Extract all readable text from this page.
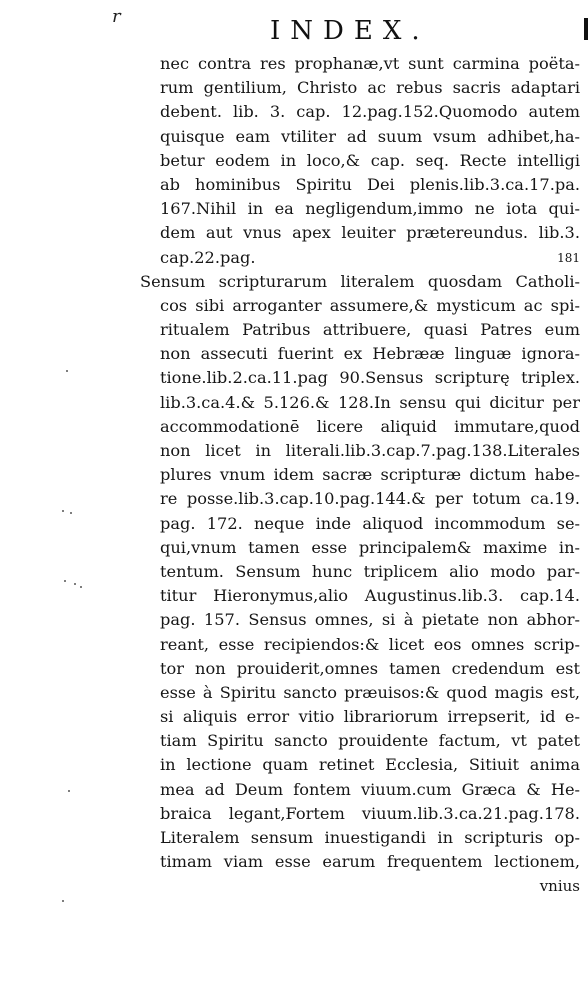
r	INDEX.
nec contra res prophanæ,vt sunt carmina poëta-
rum gentilium, Christo ac rebus sacris adaptari
debent. lib. 3. cap. 12.pag.152.Quomodo autem
quisque eam vtiliter ad suum vsum adhibet,ha-
betur eodem in loco,& cap. seq. Recte intelligi
ab hominibus Spiritu Dei plenis.lib.3.ca.17.pa.
167.Nihil in ea negligendum,immo ne iota qui-
dem aut vnus apex leuiter prætereundus. lib.3.
cap.22.pag.	181
Sensum scripturarum literalem quosdam Catholi-
cos sibi arroganter assumere,& mysticum ac spi-
ritualem Patribus attribuere, quasi Patres eum
non assecuti fuerint ex Hebrææ linguæ ignora-
tione.lib.2.ca.11.pag 90.Sensus scripturę triplex.
lib.3.ca.4.& 5.126.& 128.In sensu qui dicitur per
accommodationē licere aliquid immutare,quod
non licet in literali.lib.3.cap.7.pag.138.Literales
plures vnum idem sacræ scripturæ dictum habe-
re posse.lib.3.cap.10.pag.144.& per totum ca.19.
pag. 172. neque inde aliquod incommodum se-
qui,vnum tamen esse principalem& maxime in-
tentum. Sensum hunc triplicem alio modo par-
titur Hieronymus,alio Augustinus.lib.3. cap.14.
pag. 157. Sensus omnes, si à pietate non abhor-
reant, esse recipiendos:& licet eos omnes scrip-
tor non prouiderit,omnes tamen credendum est
esse à Spiritu sancto præuisos:& quod magis est,
si aliquis error vitio librariorum irrepserit, id e-
tiam Spiritu sancto prouidente factum, vt patet
in lectione quam retinet Ecclesia, Sitiuit anima
mea ad Deum fontem viuum.cum Græca & He-
braica legant,Fortem viuum.lib.3.ca.21.pag.178.
Literalem sensum inuestigandi in scripturis op-
timam viam esse earum frequentem lectionem,
vnius
